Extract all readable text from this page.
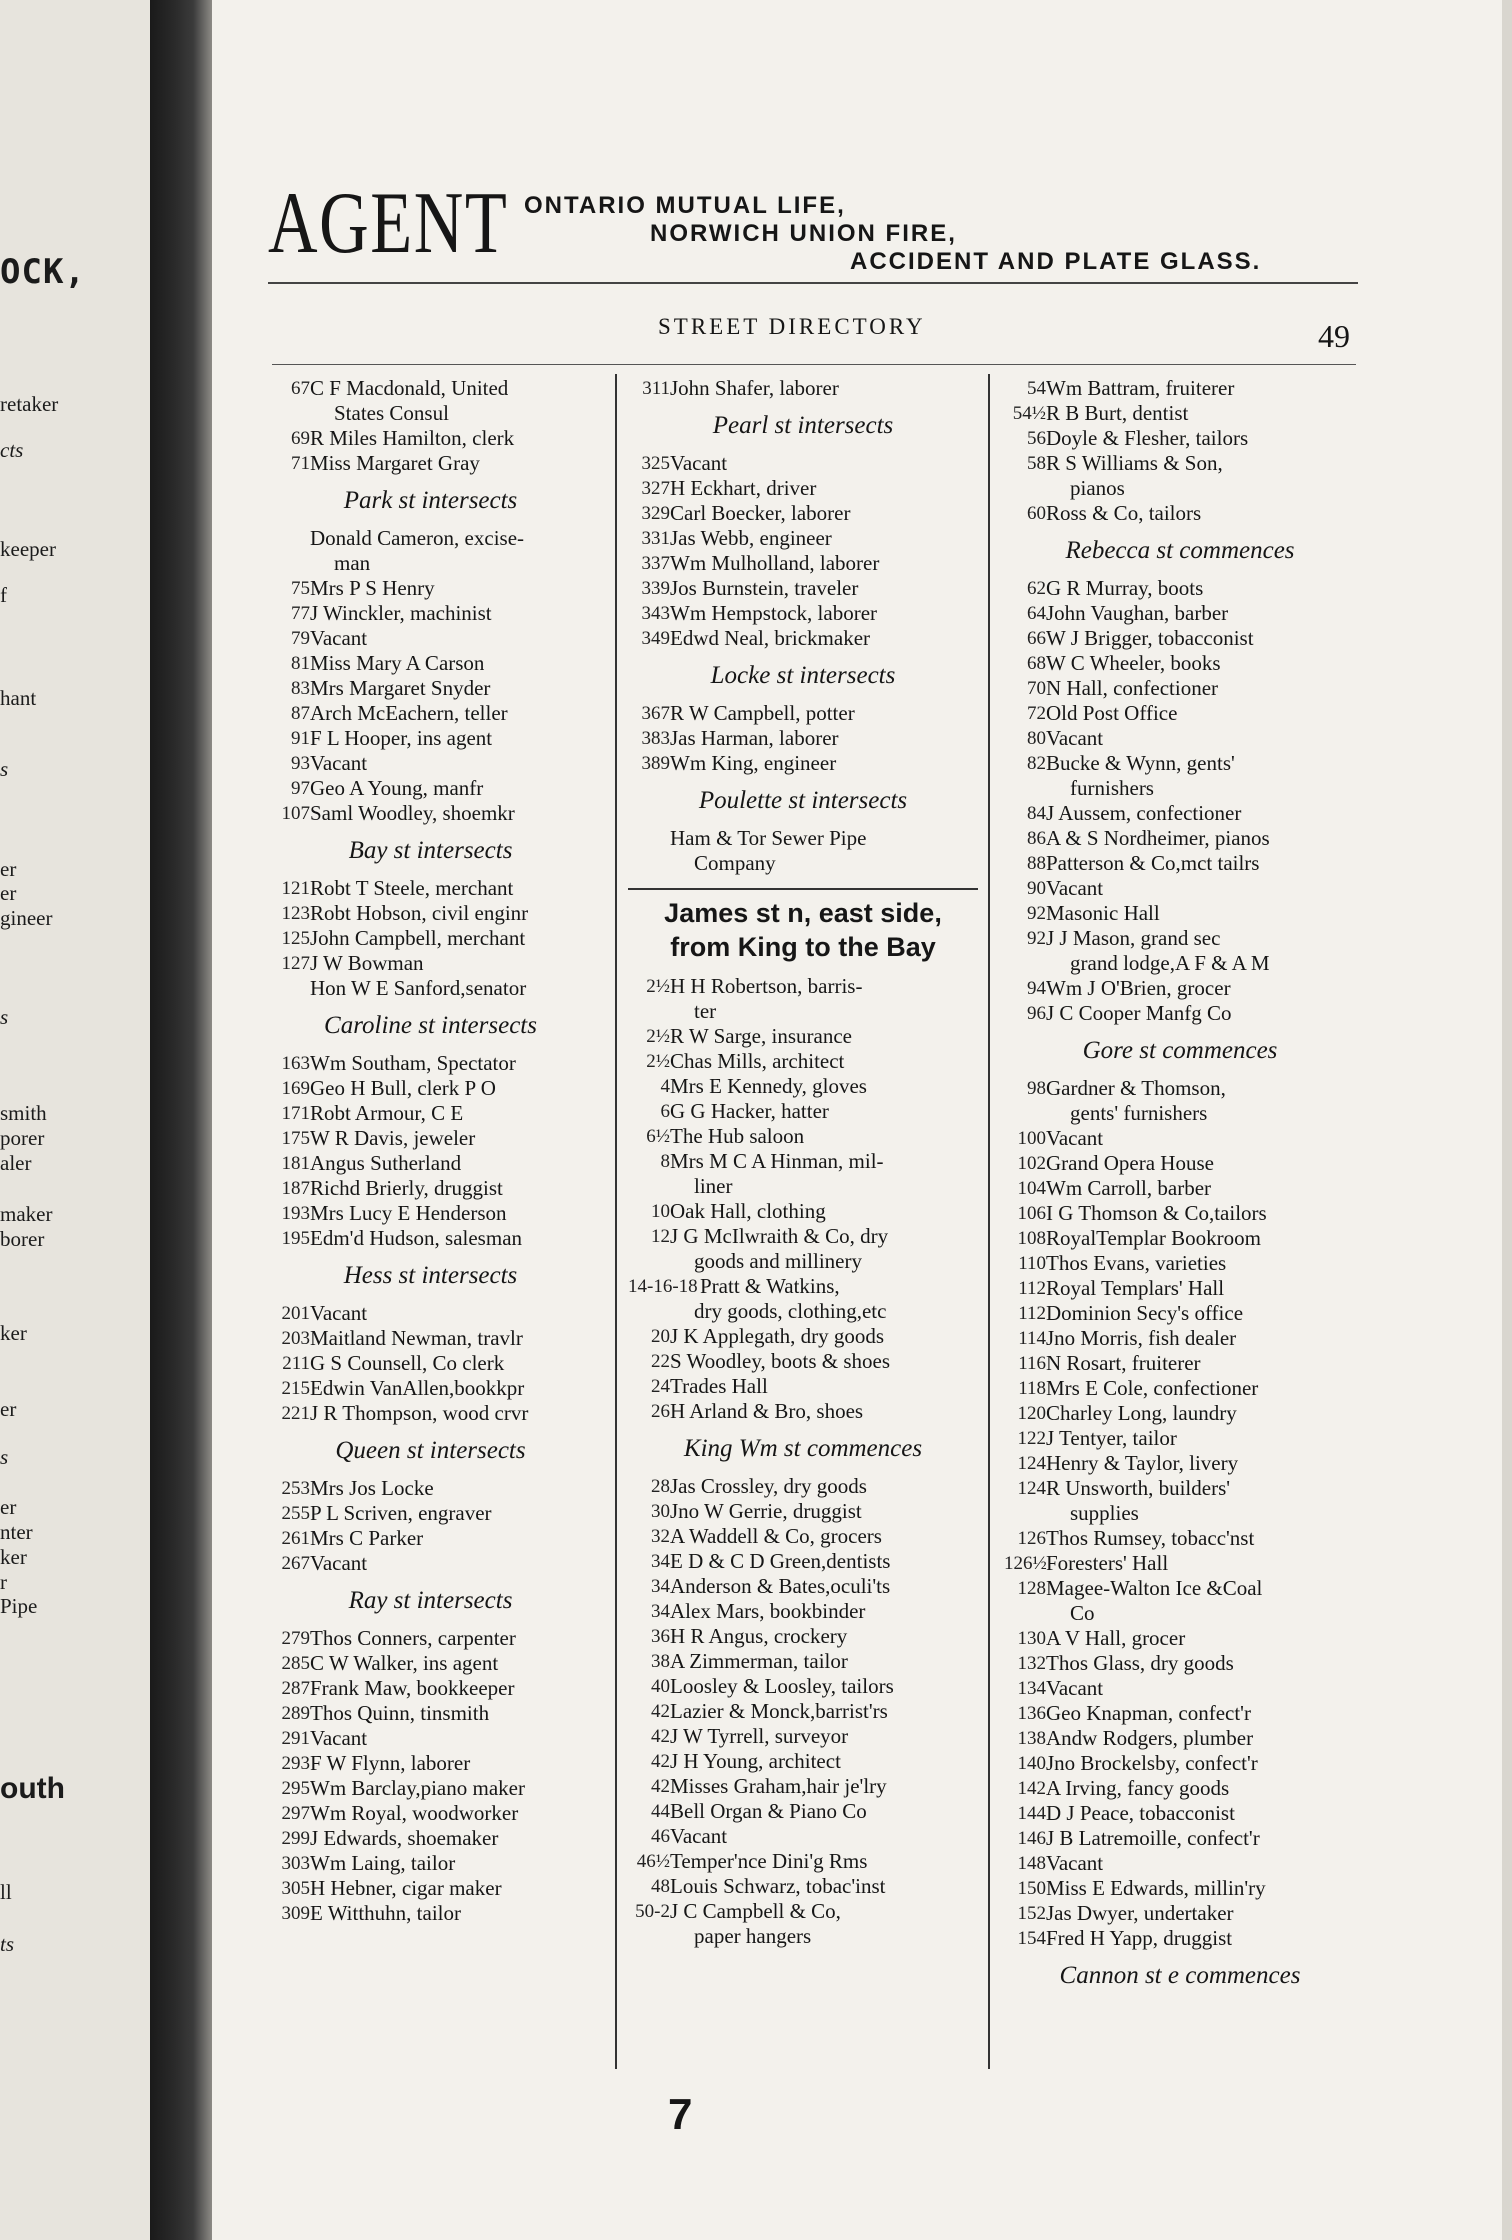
OCK,
retaker
cts
keeper
f
hant
s
er
er
gineer
s
smith
porer
aler
maker
borer
ker
er
s
er
nter
ker
r
Pipe
outh
ll
ts
AGENT ONTARIO MUTUAL LIFE,
NORWICH UNION FIRE,
ACCIDENT AND PLATE GLASS.
STREET DIRECTORY	49
67 C F Macdonald, United
States Consul
69 R Miles Hamilton, clerk
71 Miss Margaret Gray
Park st intersects
Donald Cameron, excise-
man
75 Mrs P S Henry
77 J Winckler, machinist
79 Vacant
81 Miss Mary A Carson
83 Mrs Margaret Snyder
87 Arch McEachern, teller
91 F L Hooper, ins agent
93 Vacant
97 Geo A Young, manfr
107 Saml Woodley, shoemkr
Bay st intersects
121 Robt T Steele, merchant
123 Robt Hobson, civil enginr
125 John Campbell, merchant
127 J W Bowman
Hon W E Sanford,senator
Caroline st intersects
163 Wm Southam, Spectator
169 Geo H Bull, clerk P O
171 Robt Armour, C E
175 W R Davis, jeweler
181 Angus Sutherland
187 Richd Brierly, druggist
193 Mrs Lucy E Henderson
195 Edm'd Hudson, salesman
Hess st intersects
201 Vacant
203 Maitland Newman, travlr
211 G S Counsell, Co clerk
215 Edwin VanAllen,bookkpr
221 J R Thompson, wood crvr
Queen st intersects
253 Mrs Jos Locke
255 P L Scriven, engraver
261 Mrs C Parker
267 Vacant
Ray st intersects
279 Thos Conners, carpenter
285 C W Walker, ins agent
287 Frank Maw, bookkeeper
289 Thos Quinn, tinsmith
291 Vacant
293 F W Flynn, laborer
295 Wm Barclay,piano maker
297 Wm Royal, woodworker
299 J Edwards, shoemaker
303 Wm Laing, tailor
305 H Hebner, cigar maker
309 E Witthuhn, tailor
311 John Shafer, laborer
Pearl st intersects
325 Vacant
327 H Eckhart, driver
329 Carl Boecker, laborer
331 Jas Webb, engineer
337 Wm Mulholland, laborer
339 Jos Burnstein, traveler
343 Wm Hempstock, laborer
349 Edwd Neal, brickmaker
Locke st intersects
367 R W Campbell, potter
383 Jas Harman, laborer
389 Wm King, engineer
Poulette st intersects
Ham & Tor Sewer Pipe
Company
James st n, east side,
from King to the Bay
2½ H H Robertson, barris-
ter
2½ R W Sarge, insurance
2½ Chas Mills, architect
4 Mrs E Kennedy, gloves
6 G G Hacker, hatter
6½ The Hub saloon
8 Mrs M C A Hinman, mil-
liner
10 Oak Hall, clothing
12 J G McIlwraith & Co, dry
goods and millinery
14-16-18 Pratt & Watkins,
dry goods, clothing,etc
20 J K Applegath, dry goods
22 S Woodley, boots & shoes
24 Trades Hall
26 H Arland & Bro, shoes
King Wm st commences
28 Jas Crossley, dry goods
30 Jno W Gerrie, druggist
32 A Waddell & Co, grocers
34 E D & C D Green,dentists
34 Anderson & Bates,oculi'ts
34 Alex Mars, bookbinder
36 H R Angus, crockery
38 A Zimmerman, tailor
40 Loosley & Loosley, tailors
42 Lazier & Monck,barrist'rs
42 J W Tyrrell, surveyor
42 J H Young, architect
42 Misses Graham,hair je'lry
44 Bell Organ & Piano Co
46 Vacant
46½ Temper'nce Dini'g Rms
48 Louis Schwarz, tobac'inst
50-2 J C Campbell & Co,
paper hangers
54 Wm Battram, fruiterer
54½ R B Burt, dentist
56 Doyle & Flesher, tailors
58 R S Williams & Son,
pianos
60 Ross & Co, tailors
Rebecca st commences
62 G R Murray, boots
64 John Vaughan, barber
66 W J Brigger, tobacconist
68 W C Wheeler, books
70 N Hall, confectioner
72 Old Post Office
80 Vacant
82 Bucke & Wynn, gents'
furnishers
84 J Aussem, confectioner
86 A & S Nordheimer, pianos
88 Patterson & Co,mct tailrs
90 Vacant
92 Masonic Hall
92 J J Mason, grand sec
grand lodge,A F & A M
94 Wm J O'Brien, grocer
96 J C Cooper Manfg Co
Gore st commences
98 Gardner & Thomson,
gents' furnishers
100 Vacant
102 Grand Opera House
104 Wm Carroll, barber
106 I G Thomson & Co,tailors
108 RoyalTemplar Bookroom
110 Thos Evans, varieties
112 Royal Templars' Hall
112 Dominion Secy's office
114 Jno Morris, fish dealer
116 N Rosart, fruiterer
118 Mrs E Cole, confectioner
120 Charley Long, laundry
122 J Tentyer, tailor
124 Henry & Taylor, livery
124 R Unsworth, builders'
supplies
126 Thos Rumsey, tobacc'nst
126½ Foresters' Hall
128 Magee-Walton Ice &Coal
Co
130 A V Hall, grocer
132 Thos Glass, dry goods
134 Vacant
136 Geo Knapman, confect'r
138 Andw Rodgers, plumber
140 Jno Brockelsby, confect'r
142 A Irving, fancy goods
144 D J Peace, tobacconist
146 J B Latremoille, confect'r
148 Vacant
150 Miss E Edwards, millin'ry
152 Jas Dwyer, undertaker
154 Fred H Yapp, druggist
Cannon st e commences
7
